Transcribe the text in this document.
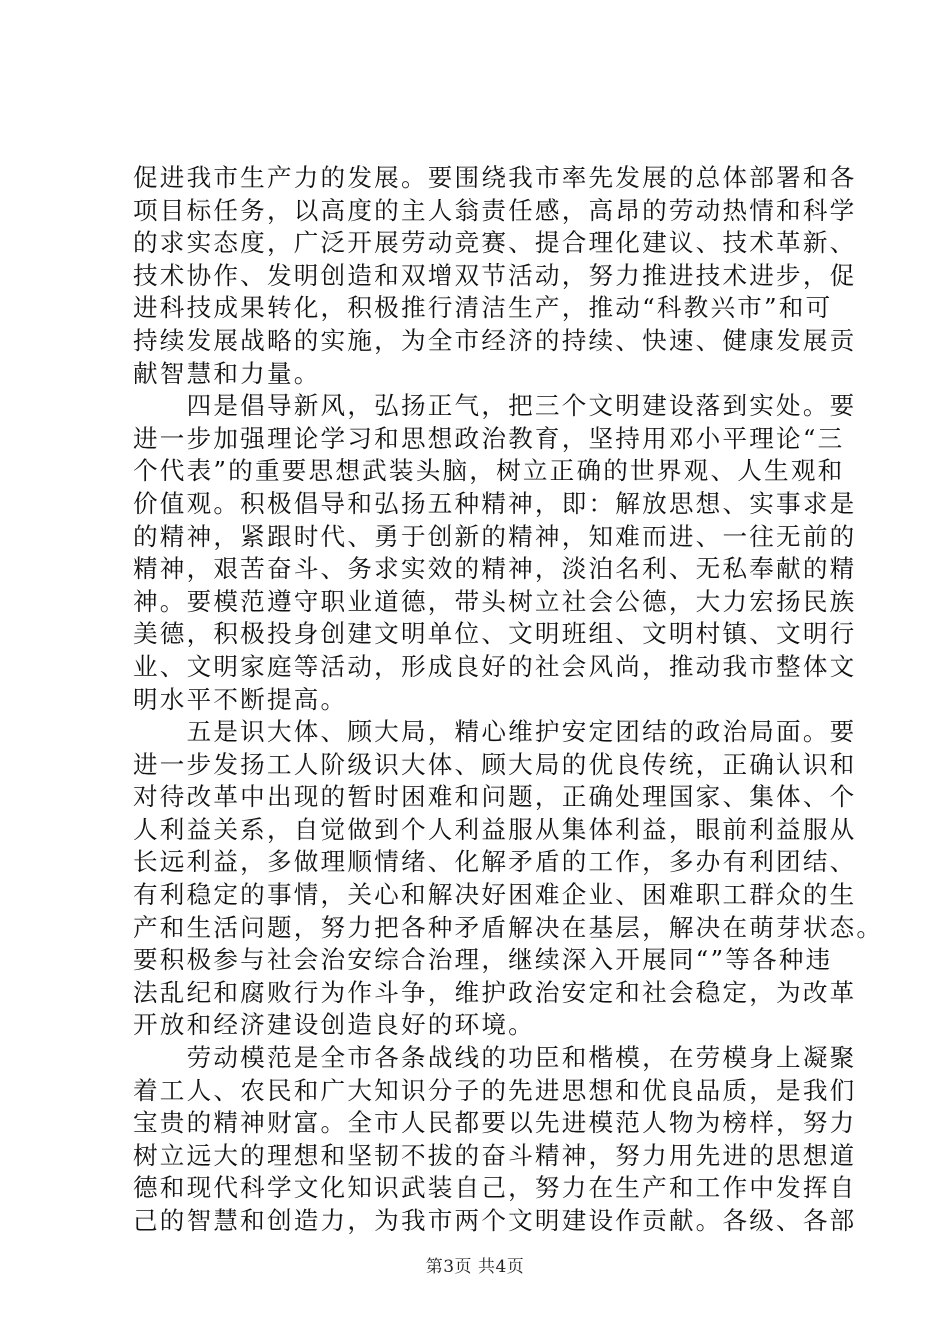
促进我市生产力的发展。要围绕我市率先发展的总体部署和各
项目标任务，以高度的主人翁责任感，高昂的劳动热情和科学
的求实态度，广泛开展劳动竞赛、提合理化建议、技术革新、
技术协作、发明创造和双增双节活动，努力推进技术进步，促
进科技成果转化，积极推行清洁生产，推动“科教兴市”和可
持续发展战略的实施，为全市经济的持续、快速、健康发展贡
献智慧和力量。
　　四是倡导新风，弘扬正气，把三个文明建设落到实处。要
进一步加强理论学习和思想政治教育，坚持用邓小平理论“三
个代表”的重要思想武装头脑，树立正确的世界观、人生观和
价值观。积极倡导和弘扬五种精神，即：解放思想、实事求是
的精神，紧跟时代、勇于创新的精神，知难而进、一往无前的
精神，艰苦奋斗、务求实效的精神，淡泊名利、无私奉献的精
神。要模范遵守职业道德，带头树立社会公德，大力宏扬民族
美德，积极投身创建文明单位、文明班组、文明村镇、文明行
业、文明家庭等活动，形成良好的社会风尚，推动我市整体文
明水平不断提高。
　　五是识大体、顾大局，精心维护安定团结的政治局面。要
进一步发扬工人阶级识大体、顾大局的优良传统，正确认识和
对待改革中出现的暂时困难和问题，正确处理国家、集体、个
人利益关系，自觉做到个人利益服从集体利益，眼前利益服从
长远利益，多做理顺情绪、化解矛盾的工作，多办有利团结、
有利稳定的事情，关心和解决好困难企业、困难职工群众的生
产和生活问题，努力把各种矛盾解决在基层，解决在萌芽状态。
要积极参与社会治安综合治理，继续深入开展同“”等各种违
法乱纪和腐败行为作斗争，维护政治安定和社会稳定，为改革
开放和经济建设创造良好的环境。
　　劳动模范是全市各条战线的功臣和楷模，在劳模身上凝聚
着工人、农民和广大知识分子的先进思想和优良品质，是我们
宝贵的精神财富。全市人民都要以先进模范人物为榜样，努力
树立远大的理想和坚韧不拔的奋斗精神，努力用先进的思想道
德和现代科学文化知识武装自己，努力在生产和工作中发挥自
己的智慧和创造力，为我市两个文明建设作贡献。各级、各部
第3页 共4页
